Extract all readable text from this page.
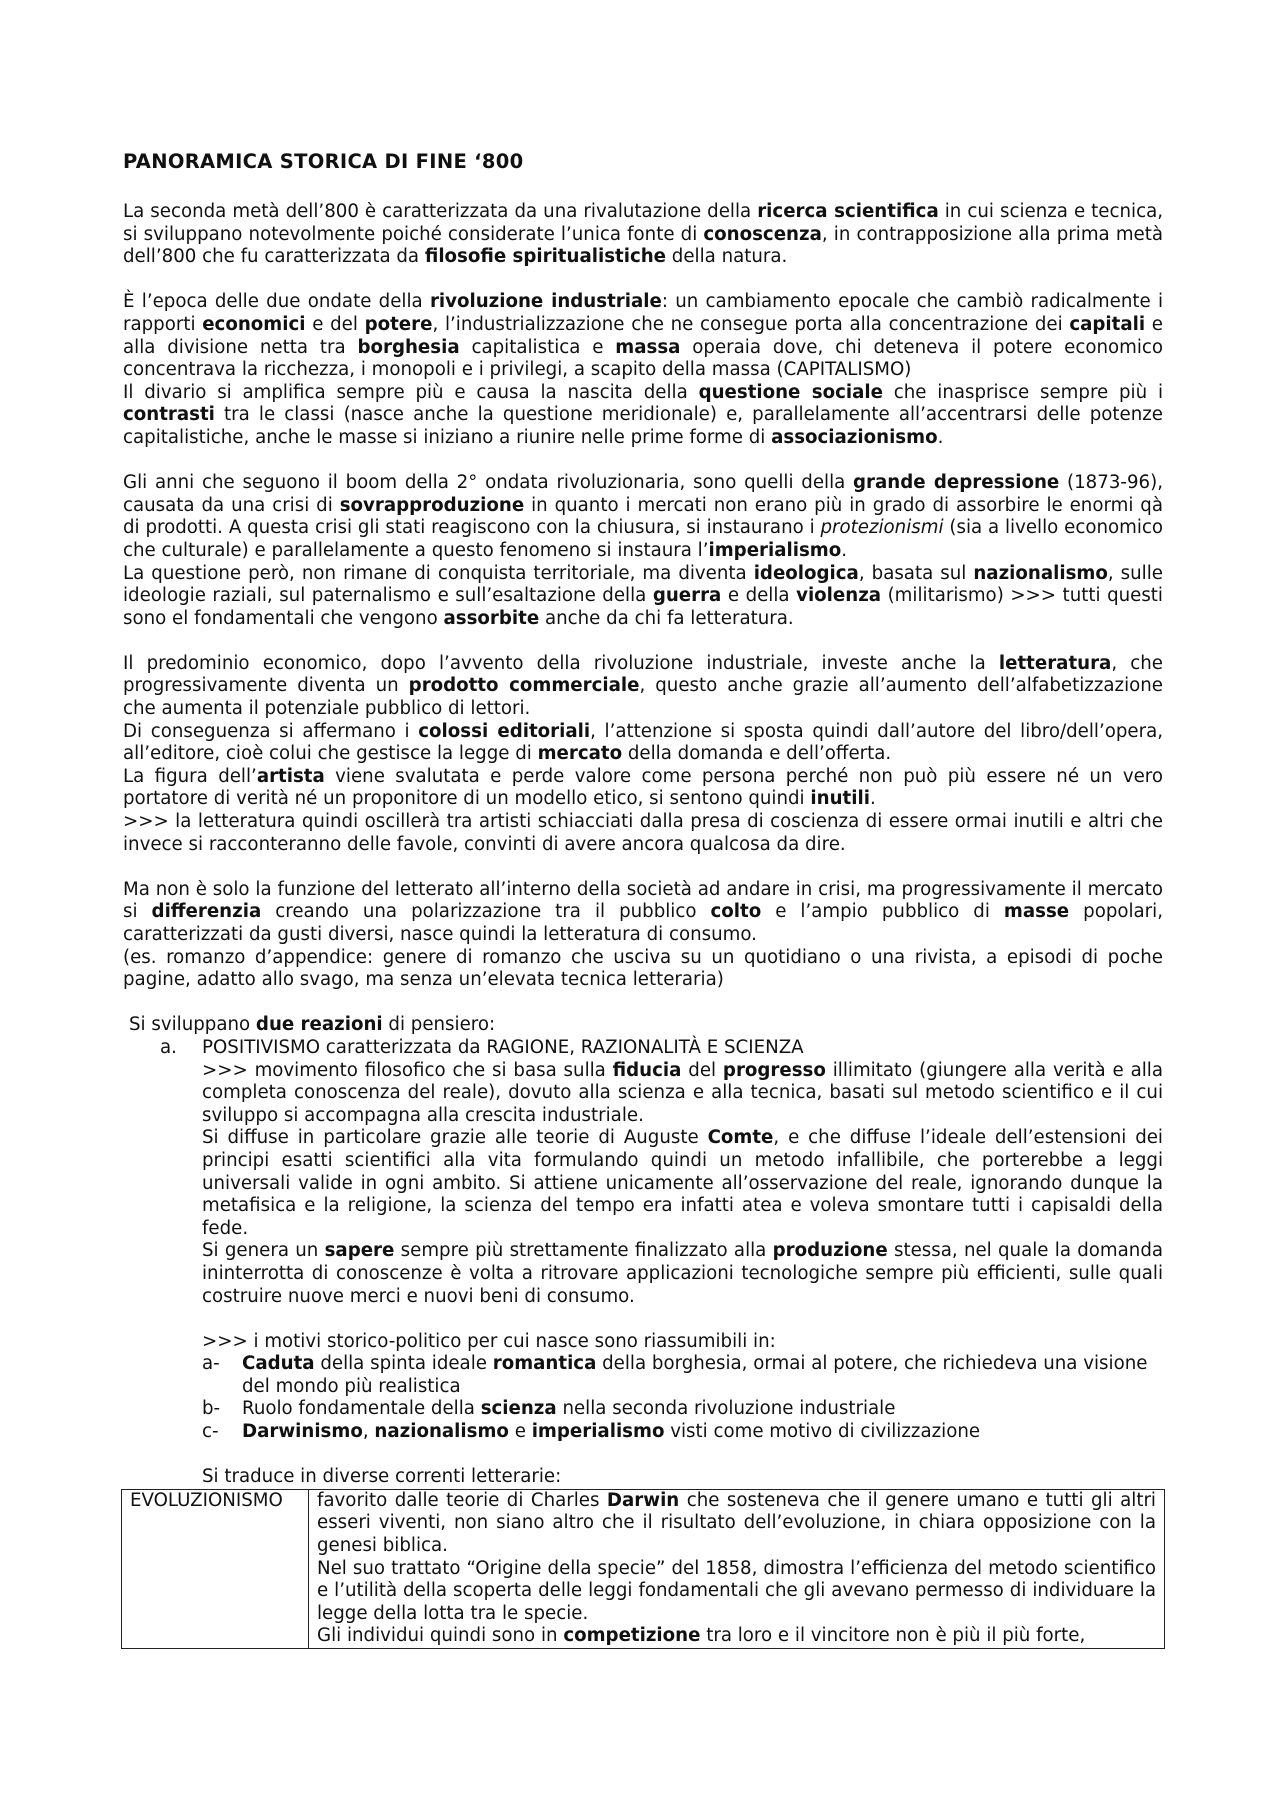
PANORAMICA STORICA DI FINE ‘800

La seconda metà dell’800 è caratterizzata da una rivalutazione della ricerca scientifica in cui scienza e tecnica, si sviluppano notevolmente poiché considerate l’unica fonte di conoscenza, in contrapposizione alla prima metà dell’800 che fu caratterizzata da filosofie spiritualistiche della natura.

È l’epoca delle due ondate della rivoluzione industriale: un cambiamento epocale che cambiò radicalmente i rapporti economici e del potere, l’industrializzazione che ne consegue porta alla concentrazione dei capitali e alla divisione netta tra borghesia capitalistica e massa operaia dove, chi deteneva il potere economico concentrava la ricchezza, i monopoli e i privilegi, a scapito della massa (CAPITALISMO)

Il divario si amplifica sempre più e causa la nascita della questione sociale che inasprisce sempre più i contrasti tra le classi (nasce anche la questione meridionale) e, parallelamente all’accentrarsi delle potenze capitalistiche, anche le masse si iniziano a riunire nelle prime forme di associazionismo.

Gli anni che seguono il boom della 2° ondata rivoluzionaria, sono quelli della grande depressione (1873-96), causata da una crisi di sovrapproduzione in quanto i mercati non erano più in grado di assorbire le enormi qà di prodotti. A questa crisi gli stati reagiscono con la chiusura, si instaurano i protezionismi (sia a livello economico che culturale) e parallelamente a questo fenomeno si instaura l’imperialismo.

La questione però, non rimane di conquista territoriale, ma diventa ideologica, basata sul nazionalismo, sulle ideologie raziali, sul paternalismo e sull’esaltazione della guerra e della violenza (militarismo) >>> tutti questi sono el fondamentali che vengono assorbite anche da chi fa letteratura.

Il predominio economico, dopo l’avvento della rivoluzione industriale, investe anche la letteratura, che progressivamente diventa un prodotto commerciale, questo anche grazie all’aumento dell’alfabetizzazione che aumenta il potenziale pubblico di lettori.

Di conseguenza si affermano i colossi editoriali, l’attenzione si sposta quindi dall’autore del libro/dell’opera, all’editore, cioè colui che gestisce la legge di mercato della domanda e dell’offerta.

La figura dell’artista viene svalutata e perde valore come persona perché non può più essere né un vero portatore di verità né un proponitore di un modello etico, si sentono quindi inutili.

>>> la letteratura quindi oscillerà tra artisti schiacciati dalla presa di coscienza di essere ormai inutili e altri che invece si racconteranno delle favole, convinti di avere ancora qualcosa da dire.

Ma non è solo la funzione del letterato all’interno della società ad andare in crisi, ma progressivamente il mercato si differenzia creando una polarizzazione tra il pubblico colto e l’ampio pubblico di masse popolari, caratterizzati da gusti diversi, nasce quindi la letteratura di consumo.

(es. romanzo d’appendice: genere di romanzo che usciva su un quotidiano o una rivista, a episodi di poche pagine, adatto allo svago, ma senza un’elevata tecnica letteraria)

Si sviluppano due reazioni di pensiero:

a.	POSITIVISMO caratterizzata da RAGIONE, RAZIONALITÀ E SCIENZA

>>> movimento filosofico che si basa sulla fiducia del progresso illimitato (giungere alla verità e alla completa conoscenza del reale), dovuto alla scienza e alla tecnica, basati sul metodo scientifico e il cui sviluppo si accompagna alla crescita industriale.

Si diffuse in particolare grazie alle teorie di Auguste Comte, e che diffuse l’ideale dell’estensioni dei principi esatti scientifici alla vita formulando quindi un metodo infallibile, che porterebbe a leggi universali valide in ogni ambito. Si attiene unicamente all’osservazione del reale, ignorando dunque la metafisica e la religione, la scienza del tempo era infatti atea e voleva smontare tutti i capisaldi della fede.

Si genera un sapere sempre più strettamente finalizzato alla produzione stessa, nel quale la domanda ininterrotta di conoscenze è volta a ritrovare applicazioni tecnologiche sempre più efficienti, sulle quali costruire nuove merci e nuovi beni di consumo.

>>> i motivi storico-politico per cui nasce sono riassumibili in:

a-	Caduta della spinta ideale romantica della borghesia, ormai al potere, che richiedeva una visione del mondo più realistica
b-	Ruolo fondamentale della scienza nella seconda rivoluzione industriale
c-	Darwinismo, nazionalismo e imperialismo visti come motivo di civilizzazione

Si traduce in diverse correnti letterarie:

EVOLUZIONISMO	favorito dalle teorie di Charles Darwin che sosteneva che il genere umano e tutti gli altri esseri viventi, non siano altro che il risultato dell’evoluzione, in chiara opposizione con la genesi biblica.

Nel suo trattato “Origine della specie” del 1858, dimostra l’efficienza del metodo scientifico e l’utilità della scoperta delle leggi fondamentali che gli avevano permesso di individuare la legge della lotta tra le specie.

Gli individui quindi sono in competizione tra loro e il vincitore non è più il più forte,
